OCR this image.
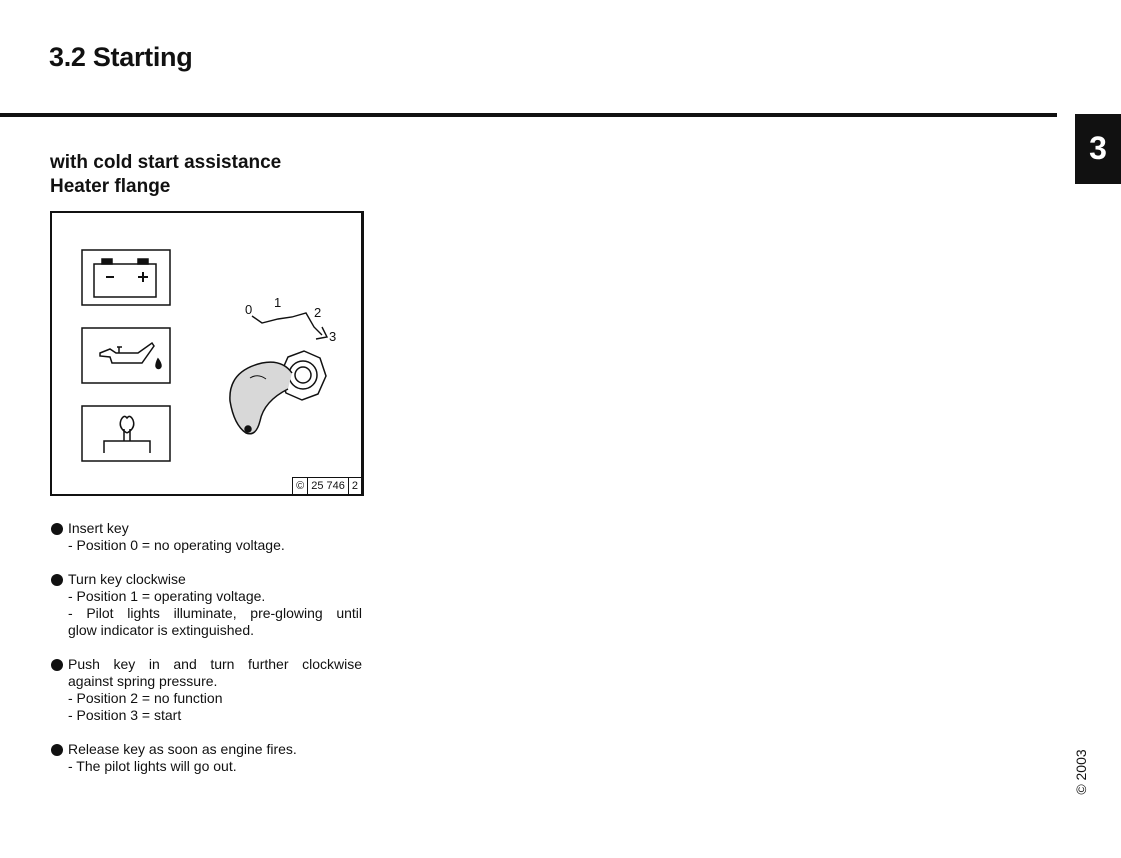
3.2 Starting
3
with cold start assistance
Heater flange
0 1
2
3
© 25 746 2
Insert key
- Position 0 = no operating voltage.
Turn key clockwise
- Position 1 = operating voltage.
- Pilot lights illuminate, pre-glowing until
glow indicator is extinguished.
Push key in and turn further clockwise
against spring pressure.
- Position 2 = no function
- Position 3 = start
Release key as soon as engine fires.
- The pilot lights will go out.	© 2003
